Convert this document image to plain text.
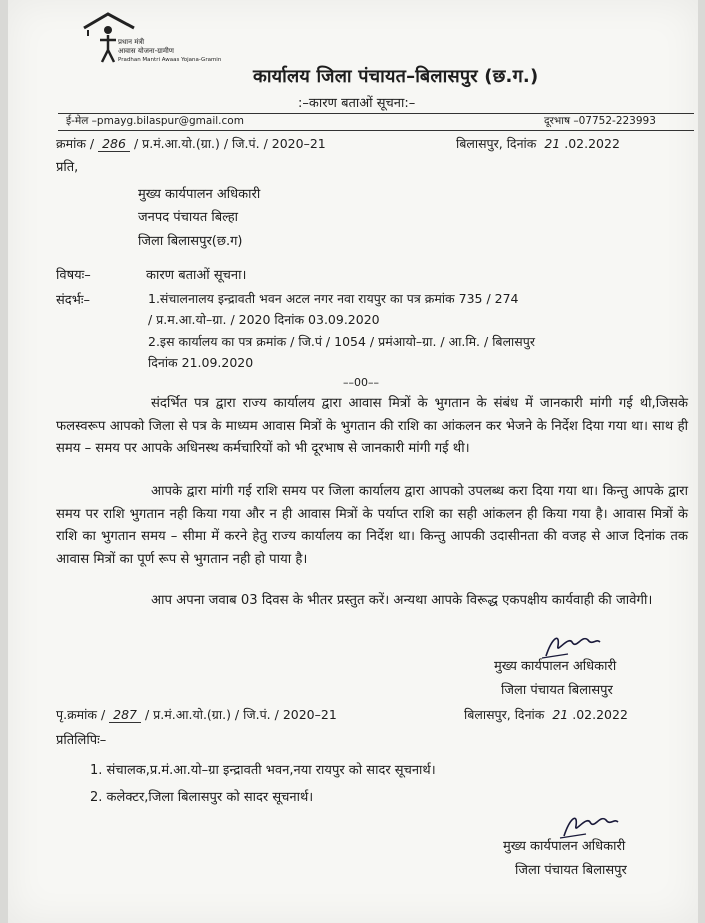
प्रधान मंत्री
आवास योजना-ग्रामीण
Pradhan Mantri Awaas Yojana-Gramin
कार्यालय जिला पंचायत–बिलासपुर (छ.ग.)
:–कारण बताओं सूचना:–
ई-मेल –pmayg.bilaspur@gmail.com	दूरभाष –07752-223993
क्रमांक / 286 / प्र.मं.आ.यो.(ग्रा.) / जि.पं. / 2020–21	बिलासपुर, दिनांक 21 .02.2022
प्रति,
मुख्य कार्यपालन अधिकारी
जनपद पंचायत बिल्हा
जिला बिलासपुर(छ.ग)
विषयः–	कारण बताओं सूचना।
संदर्भः–	1.संचालनालय इन्द्रावती भवन अटल नगर नवा रायपुर का पत्र क्रमांक 735 / 274
/ प्र.म.आ.यो–ग्रा. / 2020 दिनांक 03.09.2020
2.इस कार्यालय का पत्र क्रमांक / जि.पं / 1054 / प्रमंआयो–ग्रा. / आ.मि. / बिलासपुर
दिनांक 21.09.2020
––00––
संदर्भित पत्र द्वारा राज्य कार्यालय द्वारा आवास मित्रों के भुगतान के संबंध में जानकारी मांगी गई थी,जिसके फलस्वरूप आपको जिला से पत्र के माध्यम आवास मित्रों के भुगतान की राशि का आंकलन कर भेजने के निर्देश दिया गया था। साथ ही समय – समय पर आपके अधिनस्थ कर्मचारियों को भी दूरभाष से जानकारी मांगी गई थी।
आपके द्वारा मांगी गई राशि समय पर जिला कार्यालय द्वारा आपको उपलब्ध करा दिया गया था। किन्तु आपके द्वारा समय पर राशि भुगतान नही किया गया और न ही आवास मित्रों के पर्याप्त राशि का सही आंकलन ही किया गया है। आवास मित्रों के राशि का भुगतान समय – सीमा में करने हेतु राज्य कार्यालय का निर्देश था। किन्तु आपकी उदासीनता की वजह से आज दिनांक तक आवास मित्रों का पूर्ण रूप से भुगतान नही हो पाया है।
आप अपना जवाब 03 दिवस के भीतर प्रस्तुत करें। अन्यथा आपके विरूद्ध एकपक्षीय कार्यवाही की जावेगी।
मुख्य कार्यपालन अधिकारी
जिला पंचायत बिलासपुर
पृ.क्रमांक / 287 / प्र.मं.आ.यो.(ग्रा.) / जि.पं. / 2020–21	बिलासपुर, दिनांक 21 .02.2022
प्रतिलिपिः–
1. संचालक,प्र.मं.आ.यो–ग्रा इन्द्रावती भवन,नया रायपुर को सादर सूचनार्थ।
2. कलेक्टर,जिला बिलासपुर को सादर सूचनार्थ।
मुख्य कार्यपालन अधिकारी
जिला पंचायत बिलासपुर
